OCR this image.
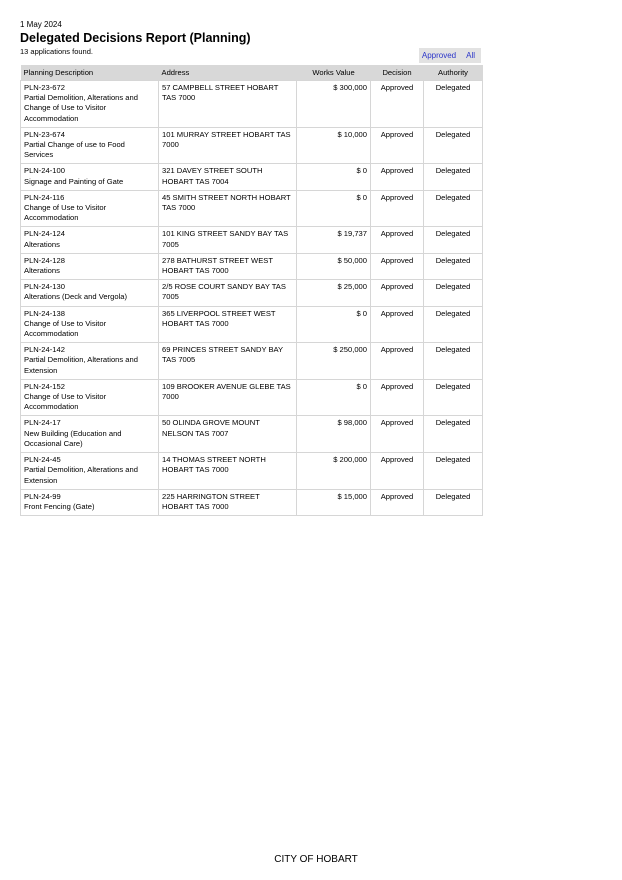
1 May 2024
Delegated Decisions Report (Planning)
13 applications found.	Approved All
Planning Description	Address	Works Value	Decision	Authority

PLN-23-672
Partial Demolition, Alterations and Change of Use to Visitor Accommodation	57 CAMPBELL STREET HOBART TAS 7000	$ 300,000	Approved	Delegated

PLN-23-674
Partial Change of use to Food Services	101 MURRAY STREET HOBART TAS 7000	$ 10,000	Approved	Delegated

PLN-24-100
Signage and Painting of Gate	321 DAVEY STREET SOUTH HOBART TAS 7004	$ 0	Approved	Delegated

PLN-24-116
Change of Use to Visitor Accommodation	45 SMITH STREET NORTH HOBART TAS 7000	$ 0	Approved	Delegated

PLN-24-124
Alterations	101 KING STREET SANDY BAY TAS 7005	$ 19,737	Approved	Delegated

PLN-24-128
Alterations	278 BATHURST STREET WEST HOBART TAS 7000	$ 50,000	Approved	Delegated

PLN-24-130
Alterations (Deck and Vergola)	2/5 ROSE COURT SANDY BAY TAS 7005	$ 25,000	Approved	Delegated

PLN-24-138
Change of Use to Visitor Accommodation	365 LIVERPOOL STREET WEST HOBART TAS 7000	$ 0	Approved	Delegated

PLN-24-142
Partial Demolition, Alterations and Extension	69 PRINCES STREET SANDY BAY TAS 7005	$ 250,000	Approved	Delegated

PLN-24-152
Change of Use to Visitor Accommodation	109 BROOKER AVENUE GLEBE TAS 7000	$ 0	Approved	Delegated

PLN-24-17
New Building (Education and Occasional Care)	50 OLINDA GROVE MOUNT NELSON TAS 7007	$ 98,000	Approved	Delegated

PLN-24-45
Partial Demolition, Alterations and Extension	14 THOMAS STREET NORTH HOBART TAS 7000	$ 200,000	Approved	Delegated

PLN-24-99
Front Fencing (Gate)	225 HARRINGTON STREET HOBART TAS 7000	$ 15,000	Approved	Delegated
CITY OF HOBART
